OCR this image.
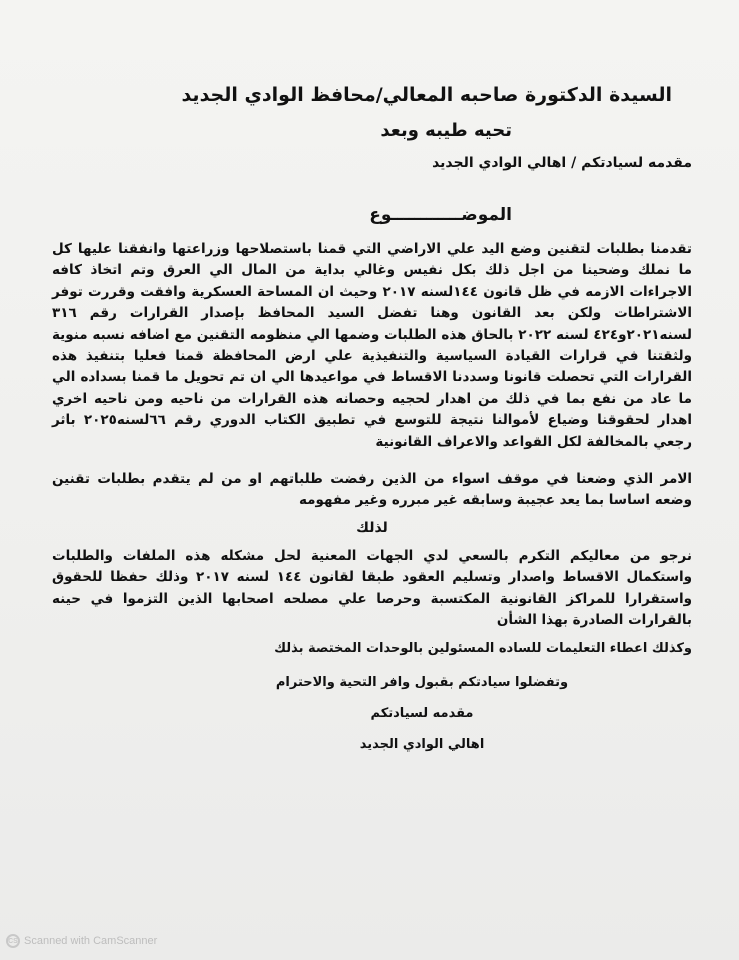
السيدة الدكتورة صاحبه المعالي/محافظ الوادي الجديد
تحيه طيبه وبعد
مقدمه لسيادتكم / اهالي الوادي الجديد
الموضــــــــــــوع

تقدمنا بطلبات لتقنين وضع اليد علي الاراضي التي قمنا باستصلاحها وزراعتها وانفقنا عليها كل ما نملك وضحينا من اجل ذلك بكل نفيس وغالي بداية من المال الي العرق وتم اتخاذ كافه الاجراءات الازمه في ظل قانون ١٤٤لسنه ٢٠١٧ وحيث ان المساحة العسكرية وافقت وقررت توفر الاشتراطات ولكن بعد القانون وهنا تفضل السيد المحافظ بإصدار القرارات رقم ٣١٦ لسنه٢٠٢١و٤٢٤ لسنه ٢٠٢٢ بالحاق هذه الطلبات وضمها الي منظومه التقنين مع اضافه نسبه منوية ولثقتنا في قرارات القيادة السياسية والتنفيذية علي ارض المحافظة قمنا فعليا بتنفيذ هذه القرارات التي تحصلت قانونا وسددنا الاقساط في مواعيدها الي ان تم تحويل ما قمنا بسداده الي ما عاد من نفع بما في ذلك من اهدار لحجيه وحصانه هذه القرارات من ناحيه ومن ناحيه اخري اهدار لحقوقنا وضياع لأموالنا نتيجة للتوسع في تطبيق الكتاب الدوري رقم ٦٦لسنه٢٠٢٥ باثر رجعي بالمخالفة لكل القواعد والاعراف القانونية

الامر الذي وضعنا في موقف اسواء من الذين رفضت طلباتهم او من لم يتقدم بطلبات تقنين وضعه اساسا بما يعد عجيبة وسابقه غير مبرره وغير مفهومه

لذلك

نرجو من معاليكم التكرم بالسعي لدي الجهات المعنية لحل مشكله هذه الملفات والطلبات واستكمال الاقساط واصدار وتسليم العقود طبقا لقانون ١٤٤ لسنه ٢٠١٧ وذلك حفظا للحقوق واستقرارا للمراكز القانونية المكتسبة وحرصا علي مصلحه اصحابها الذين التزموا في حينه بالقرارات الصادرة بهذا الشأن

وكذلك اعطاء التعليمات للساده المسئولين بالوحدات المختصة بذلك

وتفضلوا سيادتكم بقبول وافر التحية والاحترام
مقدمه لسيادتكم
اهالي الوادي الجديد
CS Scanned with CamScanner
